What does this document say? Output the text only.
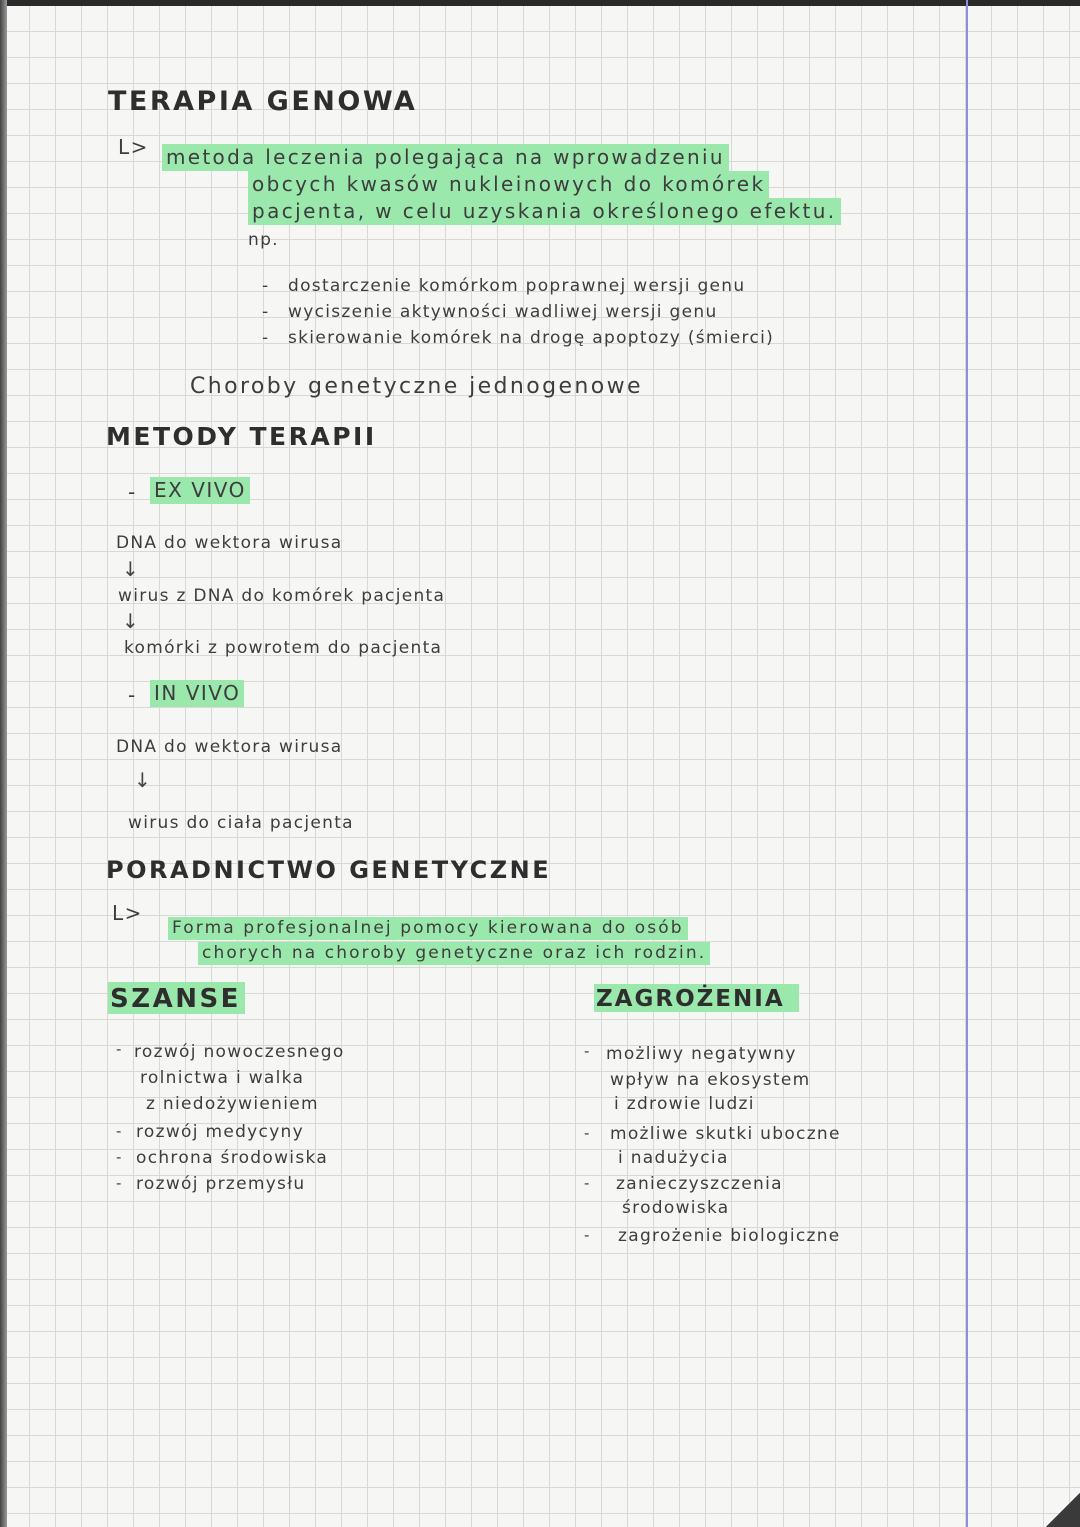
TERAPIA GENOWA
L> metoda leczenia polegająca na wprowadzeniu
obcych kwasów nukleinowych do komórek
pacjenta, w celu uzyskania określonego efektu.
np.
- dostarczenie komórkom poprawnej wersji genu
- wyciszenie aktywności wadliwej wersji genu
- skierowanie komórek na drogę apoptozy (śmierci)
Choroby genetyczne jednogenowe
METODY TERAPII
- EX VIVO
DNA do wektora wirusa
↓
wirus z DNA do komórek pacjenta
↓
komórki z powrotem do pacjenta
- IN VIVO
DNA do wektora wirusa
↓
wirus do ciała pacjenta
PORADNICTWO GENETYCZNE
L>
Forma profesjonalnej pomocy kierowana do osób
chorych na choroby genetyczne oraz ich rodzin.
SZANSE
- rozwój nowoczesnego
rolnictwa i walka
z niedożywieniem
- rozwój medycyny
- ochrona środowiska
- rozwój przemysłu
ZAGROŻENIA
- możliwy negatywny
wpływ na ekosystem
i zdrowie ludzi
- możliwe skutki uboczne
i nadużycia
- zanieczyszczenia
środowiska
- zagrożenie biologiczne
